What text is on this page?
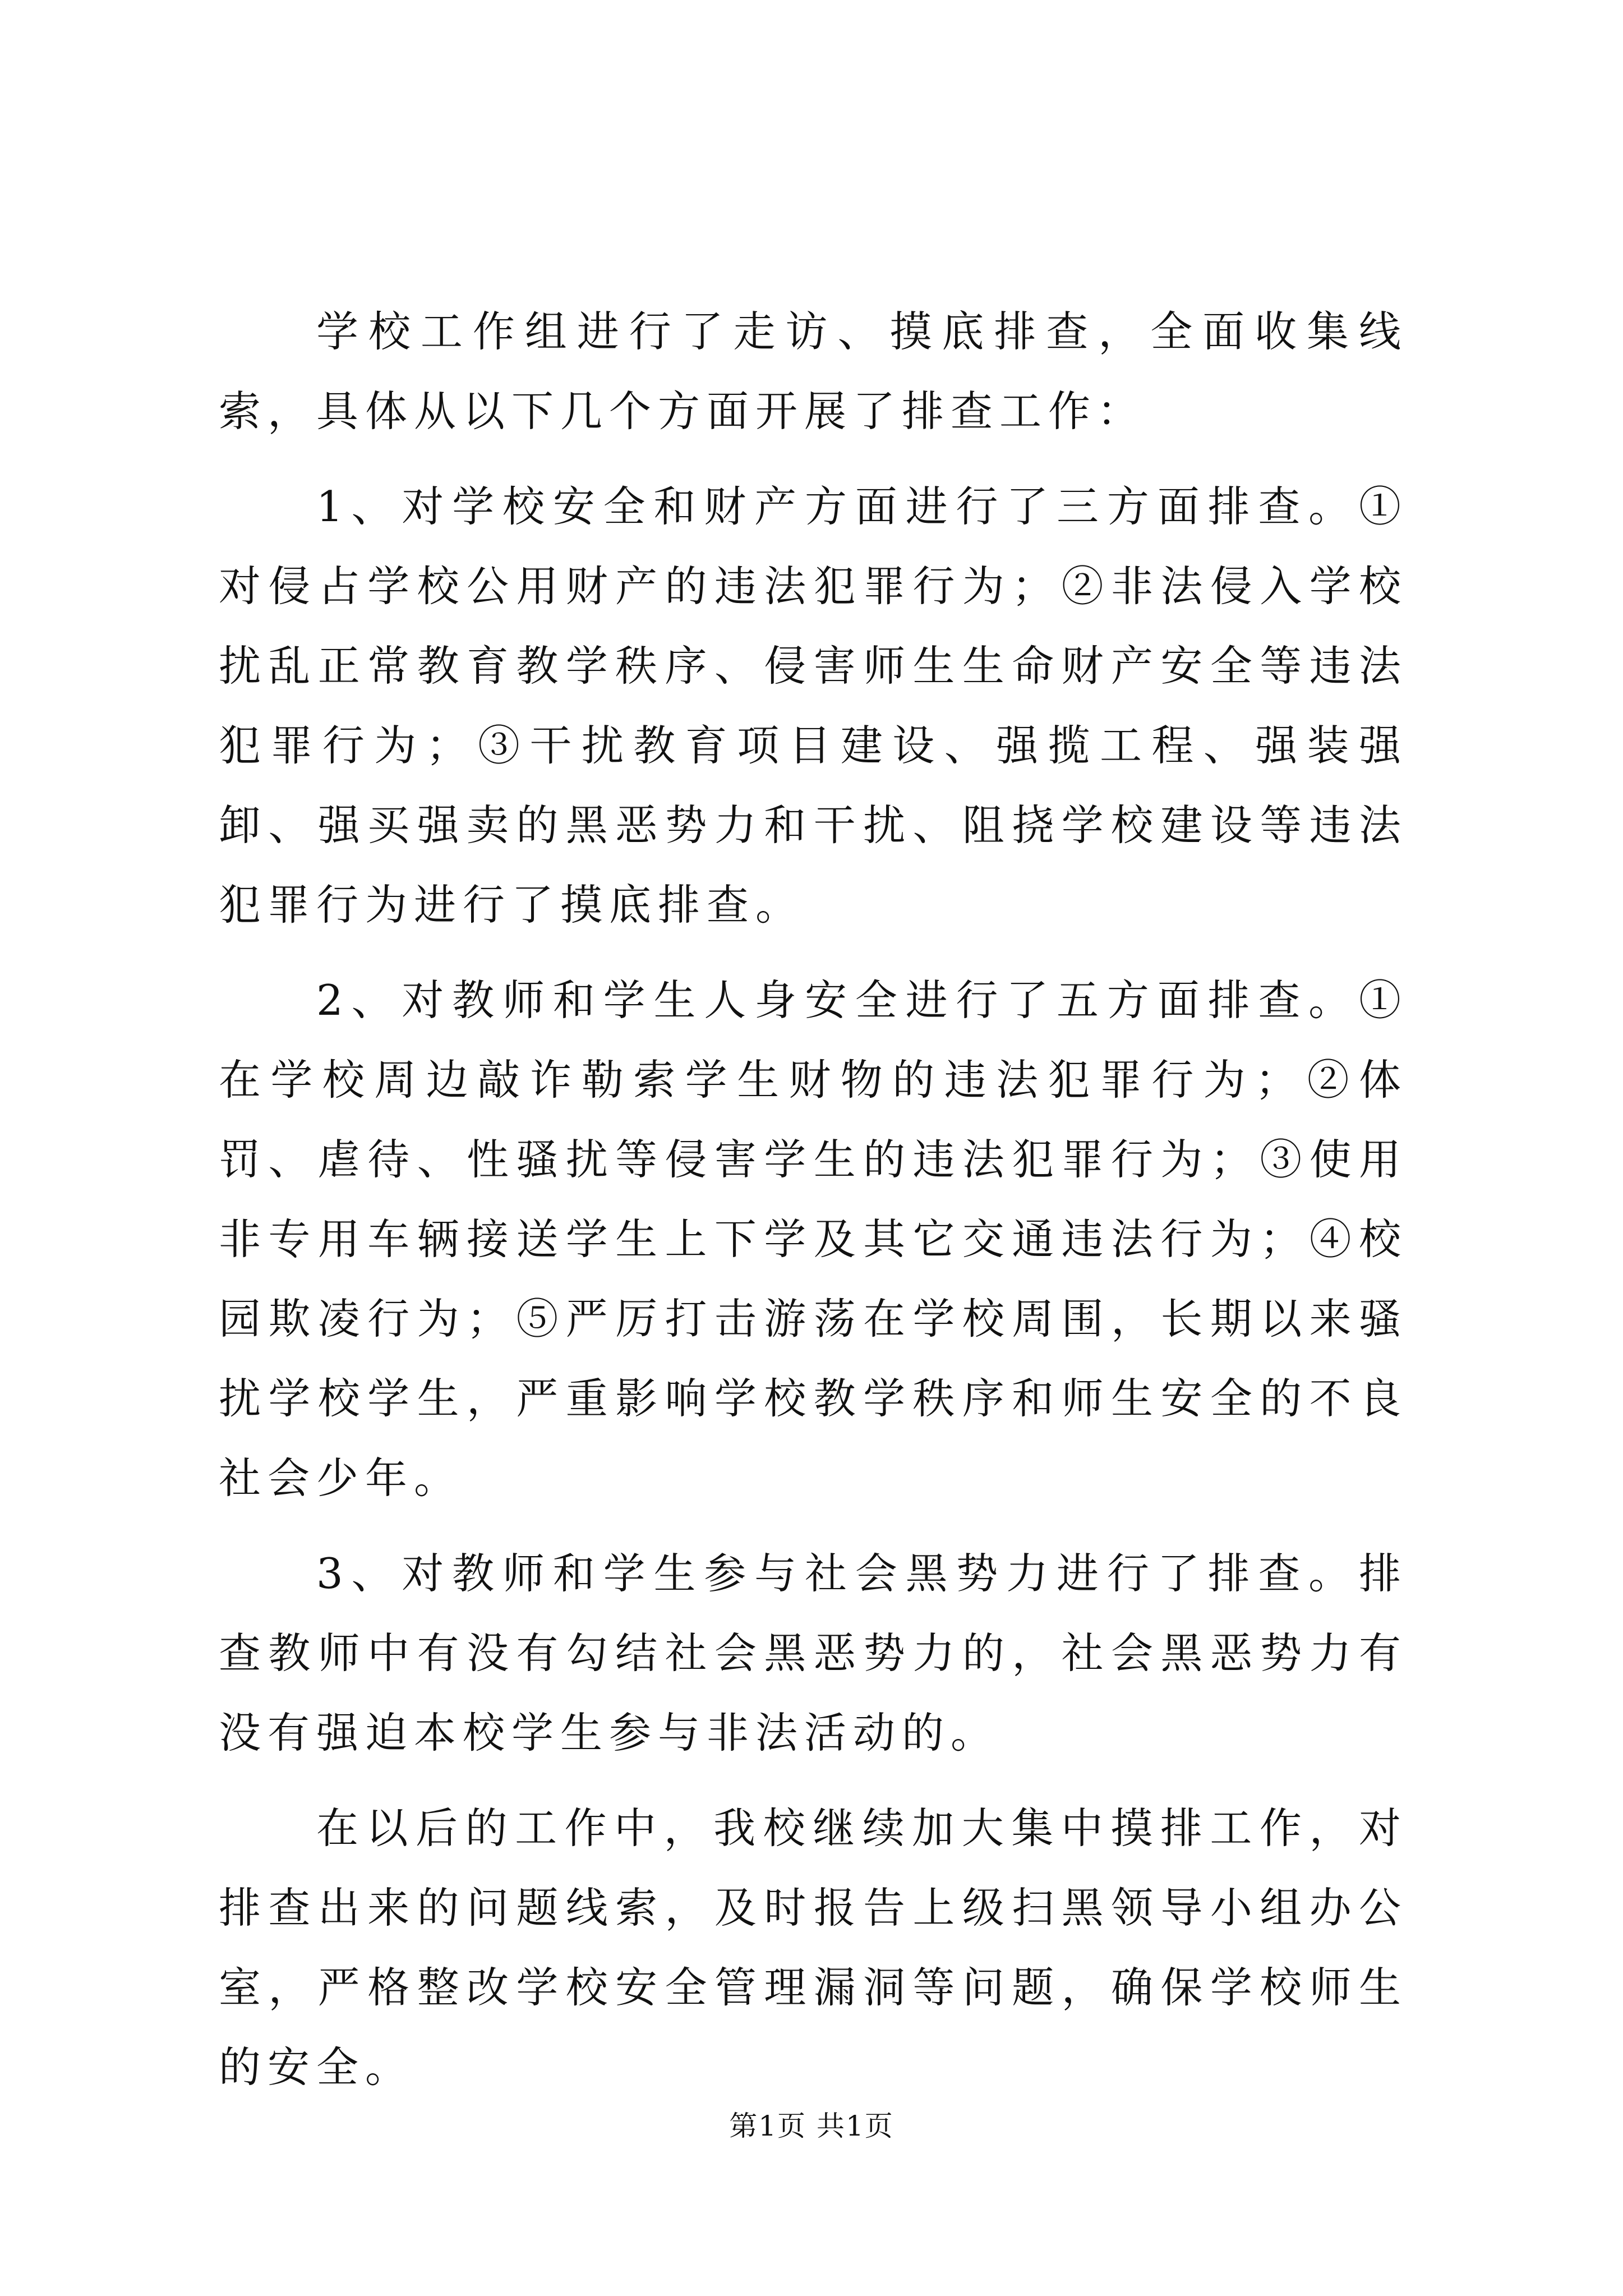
学校工作组进行了走访、摸底排查，全面收集线索，具体从以下几个方面开展了排查工作：

1、对学校安全和财产方面进行了三方面排查。①对侵占学校公用财产的违法犯罪行为；②非法侵入学校扰乱正常教育教学秩序、侵害师生生命财产安全等违法犯罪行为；③干扰教育项目建设、强揽工程、强装强卸、强买强卖的黑恶势力和干扰、阻挠学校建设等违法犯罪行为进行了摸底排查。

2、对教师和学生人身安全进行了五方面排查。①在学校周边敲诈勒索学生财物的违法犯罪行为；②体罚、虐待、性骚扰等侵害学生的违法犯罪行为；③使用非专用车辆接送学生上下学及其它交通违法行为；④校园欺凌行为；⑤严厉打击游荡在学校周围，长期以来骚扰学校学生，严重影响学校教学秩序和师生安全的不良社会少年。

3、对教师和学生参与社会黑势力进行了排查。排查教师中有没有勾结社会黑恶势力的，社会黑恶势力有没有强迫本校学生参与非法活动的。

在以后的工作中，我校继续加大集中摸排工作，对排查出来的问题线索，及时报告上级扫黑领导小组办公室，严格整改学校安全管理漏洞等问题，确保学校师生的安全。

第1页 共1页
